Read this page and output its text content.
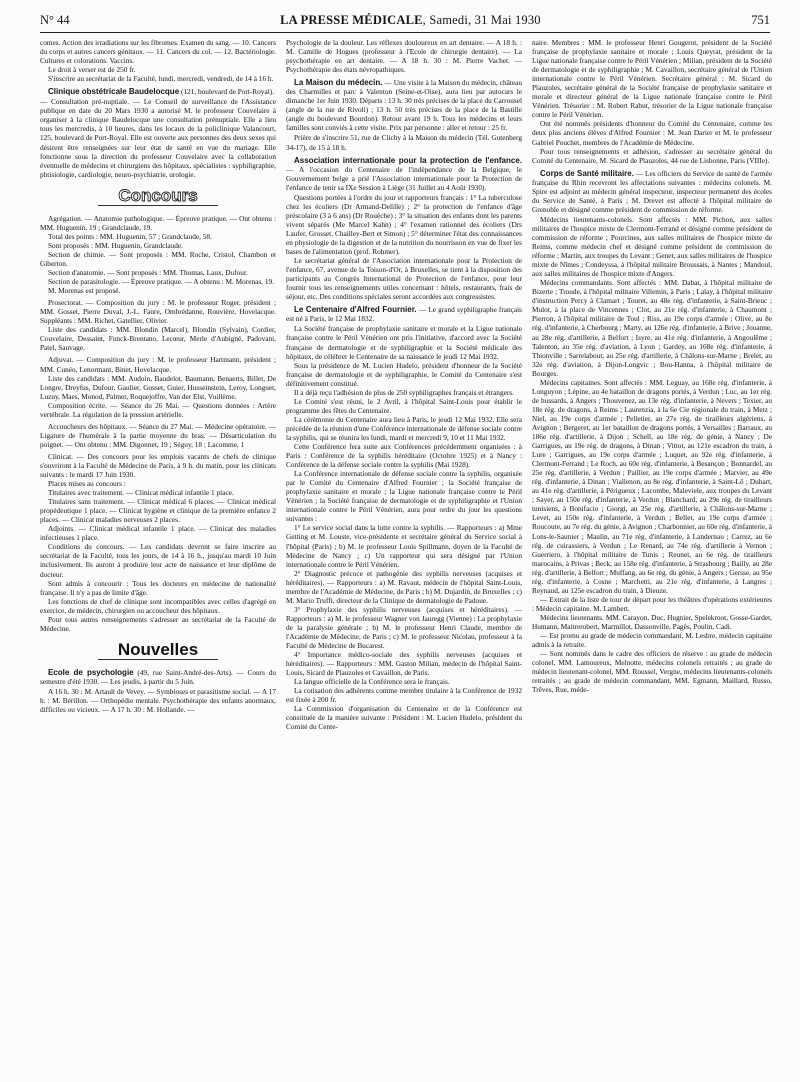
N° 44	LA PRESSE MÉDICALE, Samedi, 31 Mai 1930	751

comes. Action des irradiations sur les fibromes. Examen du sang. — 10. Cancers du corps et autres cancers génitaux. — 11. Cancers du col. — 12. Bactériologie. Cultures et colorations. Vaccins.

Le droit à verser est de 250 fr.

S'inscrire au secrétariat de la Faculté, lundi, mercredi, vendredi, de 14 à 16 h.

Clinique obstétricale Baudelocque (121, boulevard de Port-Royal).

— Consultation pré-nuptiale. — Le Conseil de surveillance de l'Assistance publique en date du 20 Mars 1930 a autorisé M. le professeur Couvelaire à organiser à la clinique Baudelocque une consultation prénuptiale. Elle a lieu tous les mercredis, à 10 heures, dans les locaux de la policlinique Valancourt, 125, boulevard de Port-Royal. Elle est ouverte aux personnes des deux sexes qui désirent être renseignées sur leur état de santé en vue du mariage. Elle fonctionne sous la direction du professeur Couvelaire avec la collaboration éventuelle de médecins et chirurgiens des hôpitaux, spécialistes : syphiligraphie, phtisiologie, cardiologie, neuro-psychiatrie, urologie.

Concours

Agrégation. — Anatomie pathologique. — Épreuve pratique. — Ont obtenu : MM. Huguenin, 19 ; Grandclaude, 19.

Total des points : MM. Huguenin, 57 ; Grandclaude, 58.

Sont proposés : MM. Huguenin, Grandclaude.

Section de chimie. — Sont proposés : MM. Roche, Cristol, Chambon et Giberton.

Section d'anatomie. — Sont proposés : MM. Thomas, Laux, Dufour.

Section de parasitologie. — Épreuve pratique. — A obtenu : M. Morenas, 19.

M. Morenas est proposé.

Prosectorat. — Composition du jury : M. le professeur Roger, président ; MM. Gosset, Pierre Duval, J.-L. Faure, Ombrédanne, Rouvière, Hovelacque. Suppléants : MM. Richet, Gatellier, Olivier.

Liste des candidats : MM. Blondin (Marcel), Blondin (Sylvain), Cordier, Couvelaire, Dessaint, Funck-Brentano, Lecœur, Merle d'Aubigné, Padovani, Patel, Sauvage.

Adjuvat. — Composition du jury : M. le professeur Hartmann, président ; MM. Cunéo, Lenormant, Binet, Hovelacque.

Liste des candidats : MM. Audoin, Baudelot, Baumann, Benaerts, Billet, De Longre, Dreyfus, Dufour, Gaulier, Gosset, Guier, Husseinstein, Leroy, Longuet, Luzuy, Maes, Monod, Palmer, Roquejoffre, Van der Elst, Vuillème.

Composition écrite. — Séance du 26 Mai. — Questions données : Artère vertébrale. La régulation de la pression artérielle.

Accoucheurs des hôpitaux. — Séance du 27 Mai. — Médecine opératoire. — Ligature de l'humérale à la partie moyenne du bras. — Désarticulation du poignet. — Ont obtenu : MM. Digonnet, 19 ; Séguy, 18 ; Lacomme, 1

Clinicat. — Des concours pour les emplois vacants de chefs de clinique s'ouvriront à la Faculté de Médecine de Paris, à 9 h. du matin, pour les clinicats suivants : le mardi 17 Juin 1930.

Places mises au concours :

Titulaires avec traitement. — Clinicat médical infantile 1 place.

Titulaires sans traitement. — Clinicat médical 6 places. — Clinicat médical propédeutique 1 place. — Clinicat hygiène et clinique de la première enfance 2 places. — Clinicat maladies nerveuses 2 places.

Adjoints. — Clinicat médical infantile 1 place. — Clinicat des maladies infectieuses 1 place.

Conditions du concours. — Les candidats devront se faire inscrire au secrétariat de la Faculté, tous les jours, de 14 à 16 h., jusqu'au mardi 10 Juin inclusivement. Ils auront à produire leur acte de naissance et leur diplôme de docteur.

Sont admis à concourir : Tous les docteurs en médecine de nationalité française. Il n'y a pas de limite d'âge.

Les fonctions de chef de clinique sont incompatibles avec celles d'agrégé en exercice, de médecin, chirurgien ou accoucheur des hôpitaux.

Pour tous autres renseignements s'adresser au secrétariat de la Faculté de Médecine.

Nouvelles
Ecole de psychologie (49, rue Saint-André-des-Arts). — Cours du semestre d'été 1930. — Les jeudis, à partir du 5 Juin.

A 16 h. 30 : M. Artault de Vevey. — Symbioses et parasitisme social. — A 17 h. : M. Bérillon. — Orthopédie mentale. Psychothérapie des enfants anormaux, difficiles ou vicieux. — A 17 h. 30 : M. Hollande. —

Psychologie de la douleur. Les réflexes douloureux en art dentaire. — A 18 h. : M. Camille de Hogues (professeur à l'Ecole de chirurgie dentaire). — La psychothérapie en art dentaire. — A 18 h. 30 : M. Pierre Vachet. — Psychothérapie des états névropathiques.

La Maison du médecin. — Une visite à la Maison du médecin, château des Charmilles et parc à Valenton (Seine-et-Oise), aura lieu par autocars le dimanche 1er Juin 1930. Départs : 13 h. 30 très précises de la place du Carrousel (angle de la rue de Rivoli) ; 13 h. 50 très précises de la place de la Bastille (angle du boulevard Bourdon). Retour avant 19 h. Tous les médecins et leurs familles sont conviés à cette visite. Prix par personne : aller et retour : 25 fr.

Prière de s'inscrire 51, rue de Clichy à la Maison du médecin (Tél. Gutenberg 34-17), de 15 à 18 h.

Association internationale pour la protection de l'enfance. — A l'occasion du Centenaire de l'indépendance de la Belgique, le Gouvernement belge a prié l'Association internationale pour la Protection de l'enfance de tenir sa IXe Session à Liège (31 Juillet au 4 Août 1930).

Questions portées à l'ordre du jour et rapporteurs français : 1° La tuberculose chez les écoliers (Dr Armand-Delille) ; 2° la protection de l'enfance d'âge préscolaire (3 à 6 ans) (Dr Rouèche) ; 3° la situation des enfants dont les parents vivent séparés (Me Marcel Kahn) ; 4° l'examen rationnel des écoliers (Drs Laufer, Grosset, Chailley-Bert et Simon) ; 5° déterminer l'état des connaissances en physiologie de la digestion et de la nutrition du nourrisson en vue de fixer les bases de l'alimentation (prof. Rohmer).

Le secrétariat général de l'Association internationale pour la Protection de l'enfance, 67, avenue de la Toison-d'Or, à Bruxelles, se tient à la disposition des participants au Congrès International de Protection de l'enfance, pour leur fournir tous les renseignements utiles concernant : hôtels, restaurants, frais de séjour, etc. Des conditions spéciales seront accordées aux congressistes.

Le Centenaire d'Alfred Fournier. — Le grand syphiligraphe français est né à Paris, le 12 Mai 1832.

La Société française de prophylaxie sanitaire et morale et la Ligue nationale française contre le Péril Vénérien ont pris l'initiative, d'accord avec la Société française de dermatologie et de syphiligraphie et la Société médicale des hôpitaux, de célébrer le Centenaire de sa naissance le jeudi 12 Mai 1932.

Sous la présidence de M. Lucien Hudelo, président d'honneur de la Société française de dermatologie et de syphiligraphie, le Comité du Centenaire s'est définitivement constitué.

Il a déjà reçu l'adhésion de plus de 250 syphiligraphes français et étrangers.

Le Comité s'est réuni, le 2 Avril, à l'hôpital Saint-Louis pour établir le programme des fêtes du Centenaire.

La cérémonie du Centenaire aura lieu à Paris, le jeudi 12 Mai 1932. Elle sera précédée de la réunion d'une Conférence internationale de défense sociale contre la syphilis, qui se réunira les lundi, mardi et mercredi 9, 10 et 11 Mai 1932.

Cette Conférence fera suite aux Conférences précédemment organisées : à Paris : Conférence de la syphilis héréditaire (Octobre 1925) et à Nancy : Conférence de la défense sociale contre la syphilis (Mai 1928).

La Conférence internationale de défense sociale contre la syphilis, organisée par le Comité du Centenaire d'Alfred Fournier ; la Société française de prophylaxie sanitaire et morale ; la Ligue nationale française contre le Péril Vénérien ; la Société française de dermatologie et de syphiligraphie et l'Union internationale contre le Péril Vénérien, aura pour ordre du jour les questions suivantes :

1° Le service social dans la lutte contre la syphilis. — Rapporteurs : a) Mme Getting et M. Louste, vice-présidente et secrétaire général du Service social à l'hôpital (Paris) ; b) M. le professeur Louis Spillmann, doyen de la Faculté de Médecine de Nancy ; c) Un rapporteur qui sera désigné par l'Union internationale contre le Péril Vénérien.

2° Diagnostic précoce et pathogénie des syphilis nerveuses (acquises et héréditaires). — Rapporteurs : a) M. Ravaut, médecin de l'hôpital Saint-Louis, membre de l'Académie de Médecine, de Paris ; b) M. Dujardin, de Bruxelles ; c) M. Mario Truffi, directeur de la Clinique de dermatologie de Padoue.

3° Prophylaxie des syphilis nerveuses (acquises et héréditaires). — Rapporteurs : a) M. le professeur Wagner von Jauregg (Vienne) : La prophylaxie de la paralysie générale ; b) M. le professeur Henri Claude, membre de l'Académie de Médecine, de Paris ; c) M. le professeur Nicolau, professeur à la Faculté de Médecine de Bucarest.

4° Importance médico-sociale des syphilis nerveuses (acquises et héréditaires). — Rapporteurs : MM. Gaston Milian, médecin de l'hôpital Saint-Louis, Sicard de Plauzoles et Cavaillon, de Paris.

La langue officielle de la Conférence sera le français.

La cotisation des adhérents comme membre titulaire à la Conférence de 1932 est fixée à 200 fr.

La Commission d'organisation du Centenaire et de la Conférence est constituée de la manière suivante : Président : M. Lucien Hudelo, président du Comité du Cente-

naire. Membres : MM. le professeur Henri Gougerot, président de la Société française de prophylaxie sanitaire et morale ; Louis Queyrat, président de la Ligue nationale française contre le Péril Vénérien ; Milian, président de la Société de dermatologie et de syphiligraphie ; M. Cavaillon, secrétaire général de l'Union internationale contre le Péril Vénérien. Secrétaire général : M. Sicard de Plauzoles, secrétaire général de la Société française de prophylaxie sanitaire et morale et directeur général de la Ligue nationale française contre le Péril Vénérien. Trésorier : M. Robert Rabut, trésorier de la Ligue nationale française contre le Péril Vénérien.

Ont été nommés présidents d'honneur du Comité du Centenaire, comme les deux plus anciens élèves d'Alfred Fournier : M. Jean Darier et M. le professeur Gabriel Pouchet, membres de l'Académie de Médecine.

Pour tous renseignements et adhésion, s'adresser au secrétaire général du Comité du Centenaire, M. Sicard de Plauzoles, 44 rue de Lisbonne, Paris (VIIIe).

Corps de Santé militaire. — Les officiers du Service de santé de l'armée française du Rhin recevront les affectations suivantes : médecins colonels. M. Spire est adjoint au médecin général inspecteur, inspecteur permanent des écoles du Service de Santé, à Paris ; M. Drevet est affecté à l'hôpital militaire de Grenoble et désigné comme président de commission de réforme.

Médecins lieutenants-colonels. Sont affectés : MM. Pichon, aux salles militaires de l'hospice mixte de Clermont-Ferrand et désigné comme président de commission de réforme ; Pourcines, aux salles militaires de l'hospice mixte de Reims, comme médecin chef et désigné comme président de commission de réforme ; Martin, aux troupes du Levant ; Genet, aux salles militaires de l'hospice mixte de Nîmes ; Condeyssa, à l'hôpital militaire Broussais, à Nantes ; Mandoul, aux salles militaires de l'hospice mixte d'Angers.

Médecins commandants. Sont affectés : MM. Dabat, à l'hôpital militaire de Bizerte ; Troude, à l'hôpital militaire Villemin, à Paris ; Lalay, à l'hôpital militaire d'instruction Percy à Clamart ; Touret, au 48e rég. d'infanterie, à Saint-Brieuc ; Mulot, à la place de Vincennes ; Clot, au 21e rég. d'infanterie, à Chaumont ; Pierron, à l'hôpital militaire de Toul ; Riss, au 19e corps d'armée ; Olive, au 8e rég. d'infanterie, à Cherbourg ; Marty, au 126e rég. d'infanterie, à Brive ; Jouanne, au 28e rég. d'artillerie, à Belfort ; Isyre, au 41e rég. d'infanterie, à Angoulême ; Talenton, au 35e rég. d'aviation, à Lyon ; Gardey, au 168e rég. d'infanterie, à Thionville ; Sarrelabout, au 25e rég. d'artillerie, à Châlons-sur-Marne ; Brelet, au 32e rég. d'aviation, à Dijon-Longvic ; Bou-Hanna, à l'hôpital militaire de Bourges.

Médecins capitaines. Sont affectés : MM. Leguay, au 168e rég. d'infanterie, à Longuyon ; Lépine, au 4e bataillon de dragons portés, à Verdun ; Luc, au 1er rég. de hussards, à Angers ; Thouvenez, au 13e rég. d'infanterie, à Nevers ; Texier, au 18e rég. de dragons, à Reims ; Laurenzia, à la 6e Cie régionale du train, à Metz ; Niel, au 19e corps d'armée ; Pelletier, au 27e rég. de tirailleurs algériens, à Avignon ; Bergeret, au 1er bataillon de dragons portés, à Versailles ; Barraux, au 186e rég. d'artillerie, à Dijon ; Schell, au 18e rég. de génie, à Nancy ; De Garrigues, au 19e rég. de dragons, à Dinan ; Vittot, au 121e escadron du train, à Lure ; Garrigues, au 19e corps d'armée ; Luquet, au 92e rég. d'infanterie, à Clermont-Ferrand ; Le Roch, au 60e rég. d'infanterie, à Besançon ; Bonnardel, au 25e rég. d'artillerie, à Verdun ; Paillier, au 19e corps d'armée ; Marvier, au 49e rég. d'infanterie, à Dinan ; Viallenon, au 8e rég. d'infanterie, à Saint-Lô ; Duhart, au 41e rég. d'artillerie, à Périgueux ; Lacombe, Maleviele, aux troupes du Levant ; Sayer, au 150e rég. d'infanterie, à Verdun ; Blanchard, au 29e rég. de tirailleurs tunisiens, à Bonifacio ; Giorgi, au 25e rég. d'artillerie, à Châlons-sur-Marne ; Levet, au 150e rég. d'infanterie, à Verdun ; Bellet, au 19e corps d'armée ; Roucoute, au 7e rég. du génie, à Avignon ; Charbonnier, au 60e rég. d'infanterie, à Lons-le-Saunier ; Maulin, au 71e rég. d'infanterie, à Landernau ; Carrez, au 6e rég. de cuirassiers, à Verdun ; Le Renard, au 74e rég. d'artillerie à Vernon ; Guerriero, à l'hôpital militaire de Tunis ; Reunet, au 6e rég. de tirailleurs marocains, à Privas ; Beck, au 158e rég. d'infanterie, à Strasbourg ; Bailly, au 28e rég. d'artillerie, à Belfort ; Muffang, au 6e rég. du génie, à Angers ; Gersse, au 95e rég. d'infanterie, à Cosne ; Marchetti, au 21e rég. d'infanterie, à Langres ; Reynaud, au 125e escadron du train, à Dieuze.

— Extrait de la liste de tour de départ pour les théâtres d'opérations extérieures : Médecin capitaine. M. Lambert.

Médecins lieutenants. MM. Carayon, Duc, Hugnier, Spelekroot, Gosse-Gardet, Humann, Maitrerobert, Marmillot, Dassonville, Pagès, Poulin, Cadi.

— Est promu au grade de médecin commandant, M. Lesbre, médecin capitaine admis à la retraite.

— Sont nommés dans le cadre des officiers de réserve : au grade de médecin colonel, MM. Lamoureux, Melnotte, médecins colonels retraités ; au grade de médecin lieutenant-colonel, MM. Roussel, Vergne, médecins lieutenants-colonels retraités ; au grade de médecin commandant, MM. Egmann, Maillard, Russo, Trêves, Rue, méde-
